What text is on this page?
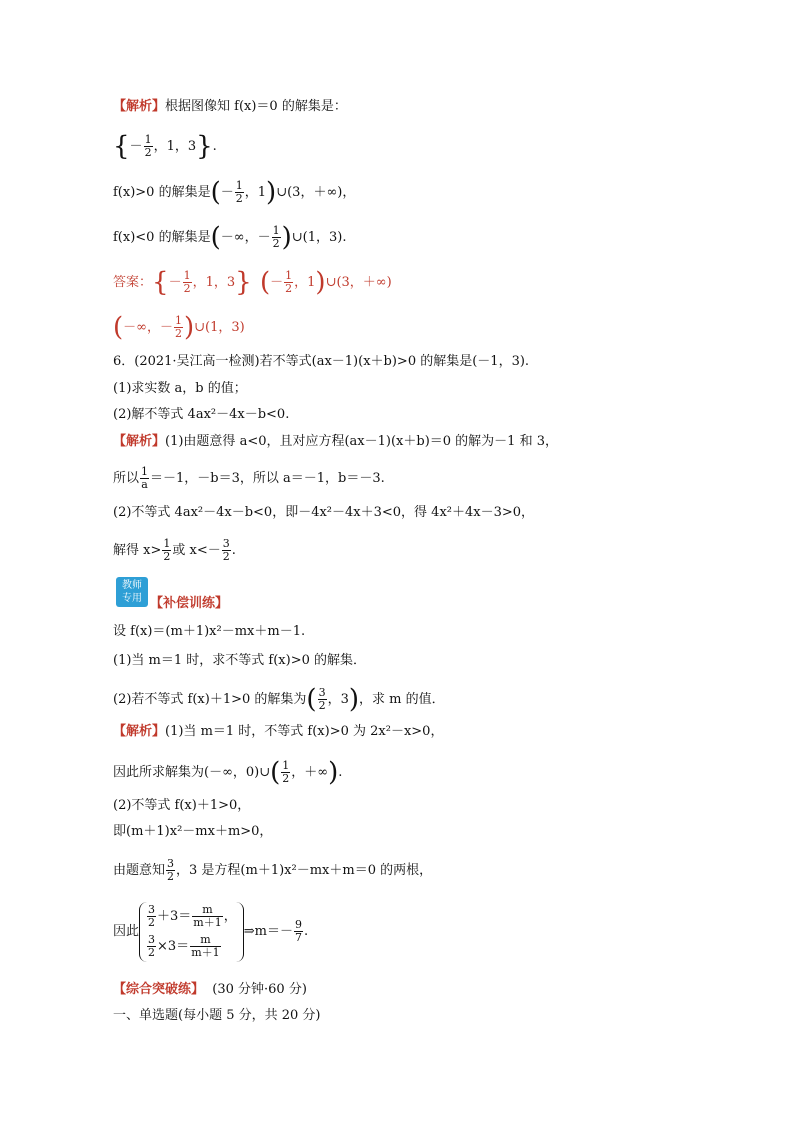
【解析】根据图像知 f(x)＝0 的解集是：
{－ $\frac{1}{2}$ ，1，3}.
f(x)>0 的解集是(－ $\frac{1}{2}$ ，1)∪(3，＋∞)，
f(x)<0 的解集是(－∞，－ $\frac{1}{2}$ )∪(1，3).
答案：{－ $\frac{1}{2}$ ，1，3} (－ $\frac{1}{2}$ ，1)∪(3，＋∞)
(－∞，－ $\frac{1}{2}$ )∪(1，3)
6．(2021·吴江高一检测)若不等式(ax－1)(x＋b)>0 的解集是(－1，3).
(1)求实数 a，b 的值；
(2)解不等式 4ax²－4x－b<0.
【解析】(1)由题意得 a<0，且对应方程(ax－1)(x＋b)＝0 的解为－1 和 3，
所以 $\frac{1}{a} =-1$，－b＝3，所以 a＝－1，b＝－3.
(2)不等式 4ax²－4x－b<0，即－4x²－4x＋3<0，得 4x²＋4x－3>0，
解得 $x> \frac{1}{2}$ 或 $x<- \frac{3}{2}$ .
教师
专用 【补偿训练】
设 f(x)＝(m＋1)x²－mx＋m－1.
(1)当 m＝1 时，求不等式 f(x)>0 的解集．
(2)若不等式 f(x)＋1>0 的解集为( $\frac{3}{2}$ ，3)，求 m 的值．
【解析】(1)当 m＝1 时，不等式 f(x)>0 为 2x²－x>0，
因此所求解集为(－∞，0)∪( $\frac{1}{2}$ ，＋∞).
(2)不等式 f(x)＋1>0，
即(m＋1)x²－mx＋m>0，
由题意知 $\frac{3}{2}$ ，3 是方程(m＋1)x²－mx＋m＝0 的两根，
因此
$\frac{3}{2} +3= \frac{m}{m+1}$ ，
$\frac{3}{2} \times 3= \frac{m}{m+1}$
⇒m＝－ $\frac{9}{7}$ .
【综合突破练】 (30 分钟·60 分)
一、单选题(每小题 5 分，共 20 分)
